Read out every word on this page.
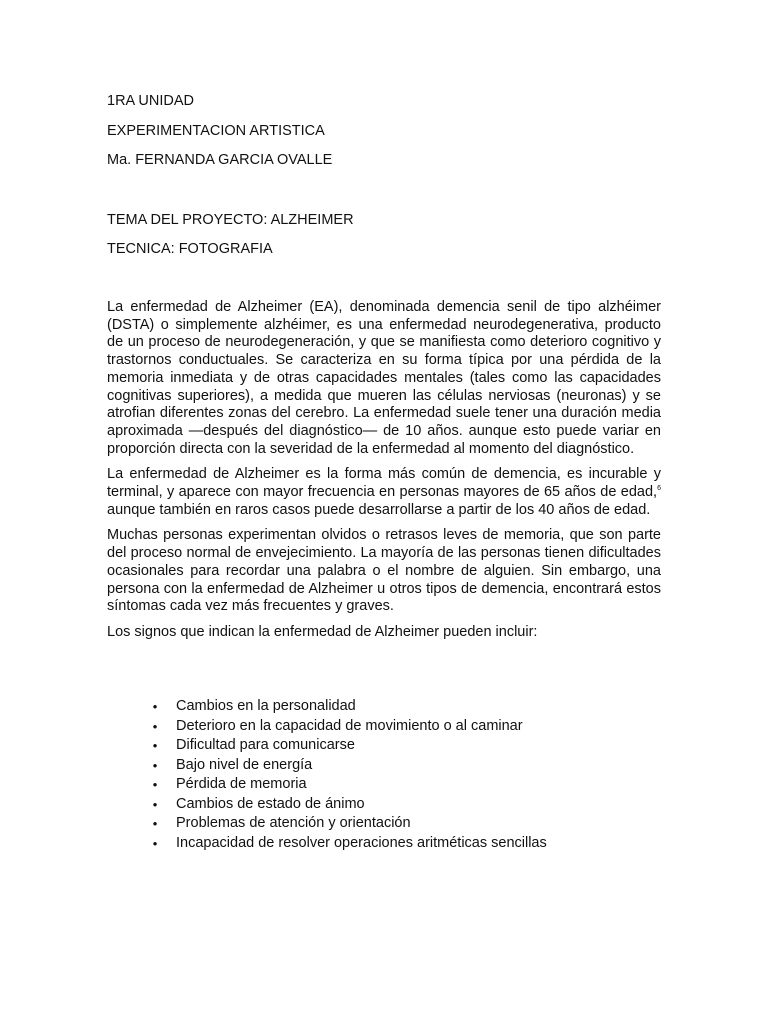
1RA UNIDAD

EXPERIMENTACION ARTISTICA

Ma. FERNANDA GARCIA OVALLE

TEMA DEL PROYECTO: ALZHEIMER

TECNICA: FOTOGRAFIA

La enfermedad de Alzheimer (EA), denominada demencia senil de tipo alzhéimer (DSTA) o simplemente alzhéimer, es una enfermedad neurodegenerativa, producto de un proceso de neurodegeneración, y que se manifiesta como deterioro cognitivo y trastornos conductuales. Se caracteriza en su forma típica por una pérdida de la memoria inmediata y de otras capacidades mentales (tales como las capacidades cognitivas superiores), a medida que mueren las células nerviosas (neuronas) y se atrofian diferentes zonas del cerebro. La enfermedad suele tener una duración media aproximada —después del diagnóstico— de 10 años. aunque esto puede variar en proporción directa con la severidad de la enfermedad al momento del diagnóstico.

La enfermedad de Alzheimer es la forma más común de demencia, es incurable y terminal, y aparece con mayor frecuencia en personas mayores de 65 años de edad,$^6$ aunque también en raros casos puede desarrollarse a partir de los 40 años de edad.

Muchas personas experimentan olvidos o retrasos leves de memoria, que son parte del proceso normal de envejecimiento. La mayoría de las personas tienen dificultades ocasionales para recordar una palabra o el nombre de alguien. Sin embargo, una persona con la enfermedad de Alzheimer u otros tipos de demencia, encontrará estos síntomas cada vez más frecuentes y graves.

Los signos que indican la enfermedad de Alzheimer pueden incluir:

• Cambios en la personalidad
• Deterioro en la capacidad de movimiento o al caminar
• Dificultad para comunicarse
• Bajo nivel de energía
• Pérdida de memoria
• Cambios de estado de ánimo
• Problemas de atención y orientación
• Incapacidad de resolver operaciones aritméticas sencillas
